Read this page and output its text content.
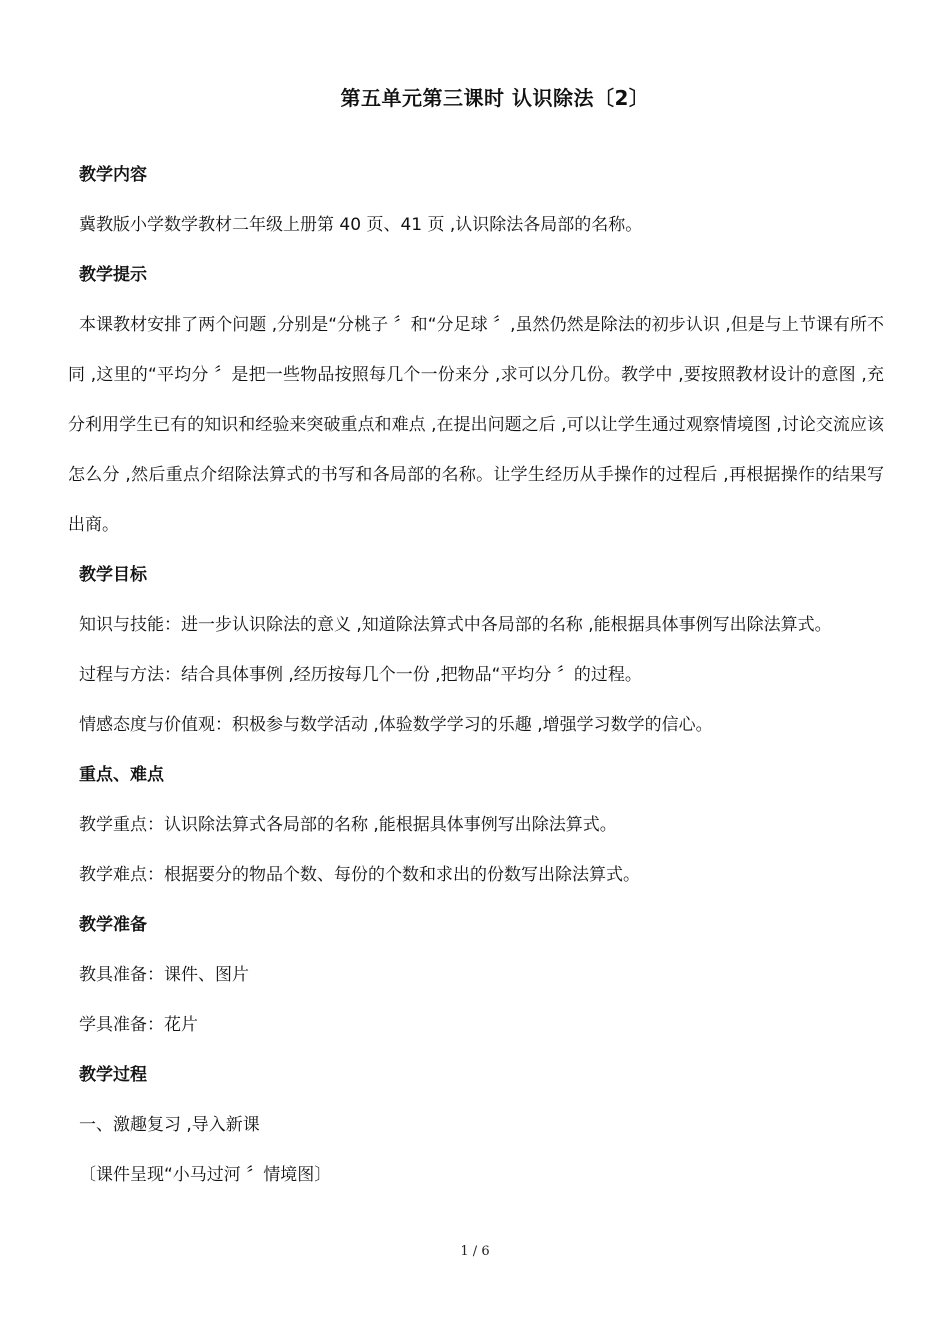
第五单元第三课时 认识除法〔2〕

教学内容

冀教版小学数学教材二年级上册第 40 页、41 页 ,认识除法各局部的名称。

教学提示

本课教材安排了两个问题 ,分别是“分桃子 〞和“分足球 〞,虽然仍然是除法的初步认识 ,但是与上节课有所不同 ,这里的“平均分 〞是把一些物品按照每几个一份来分 ,求可以分几份。教学中 ,要按照教材设计的意图 ,充分利用学生已有的知识和经验来突破重点和难点 ,在提出问题之后 ,可以让学生通过观察情境图 ,讨论交流应该怎么分 ,然后重点介绍除法算式的书写和各局部的名称。让学生经历从手操作的过程后 ,再根据操作的结果写出商。

教学目标

知识与技能：进一步认识除法的意义 ,知道除法算式中各局部的名称 ,能根据具体事例写出除法算式。

过程与方法：结合具体事例 ,经历按每几个一份 ,把物品“平均分 〞的过程。

情感态度与价值观：积极参与数学活动 ,体验数学学习的乐趣 ,增强学习数学的信心。

重点、难点

教学重点：认识除法算式各局部的名称 ,能根据具体事例写出除法算式。

教学难点：根据要分的物品个数、每份的个数和求出的份数写出除法算式。

教学准备

教具准备：课件、图片

学具准备：花片

教学过程

一、激趣复习 ,导入新课

〔课件呈现“小马过河 〞情境图〕

1 / 6
